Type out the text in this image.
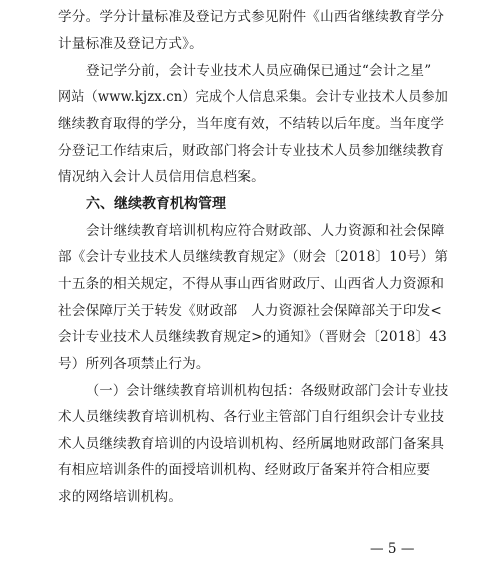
学分。学分计量标准及登记方式参见附件《山西省继续教育学分
计量标准及登记方式》。
登记学分前，会计专业技术人员应确保已通过“会计之星”
网站（www.kjzx.cn）完成个人信息采集。会计专业技术人员参加
继续教育取得的学分，当年度有效，不结转以后年度。当年度学
分登记工作结束后，财政部门将会计专业技术人员参加继续教育
情况纳入会计人员信用信息档案。
六、继续教育机构管理
会计继续教育培训机构应符合财政部、人力资源和社会保障
部《会计专业技术人员继续教育规定》（财会〔2018〕10号）第
十五条的相关规定，不得从事山西省财政厅、山西省人力资源和
社会保障厅关于转发《财政部　人力资源社会保障部关于印发<
会计专业技术人员继续教育规定>的通知》（晋财会〔2018〕43
号）所列各项禁止行为。
（一）会计继续教育培训机构包括：各级财政部门会计专业技
术人员继续教育培训机构、各行业主管部门自行组织会计专业技
术人员继续教育培训的内设培训机构、经所属地财政部门备案具
有相应培训条件的面授培训机构、经财政厅备案并符合相应要
求的网络培训机构。
— 5 —
